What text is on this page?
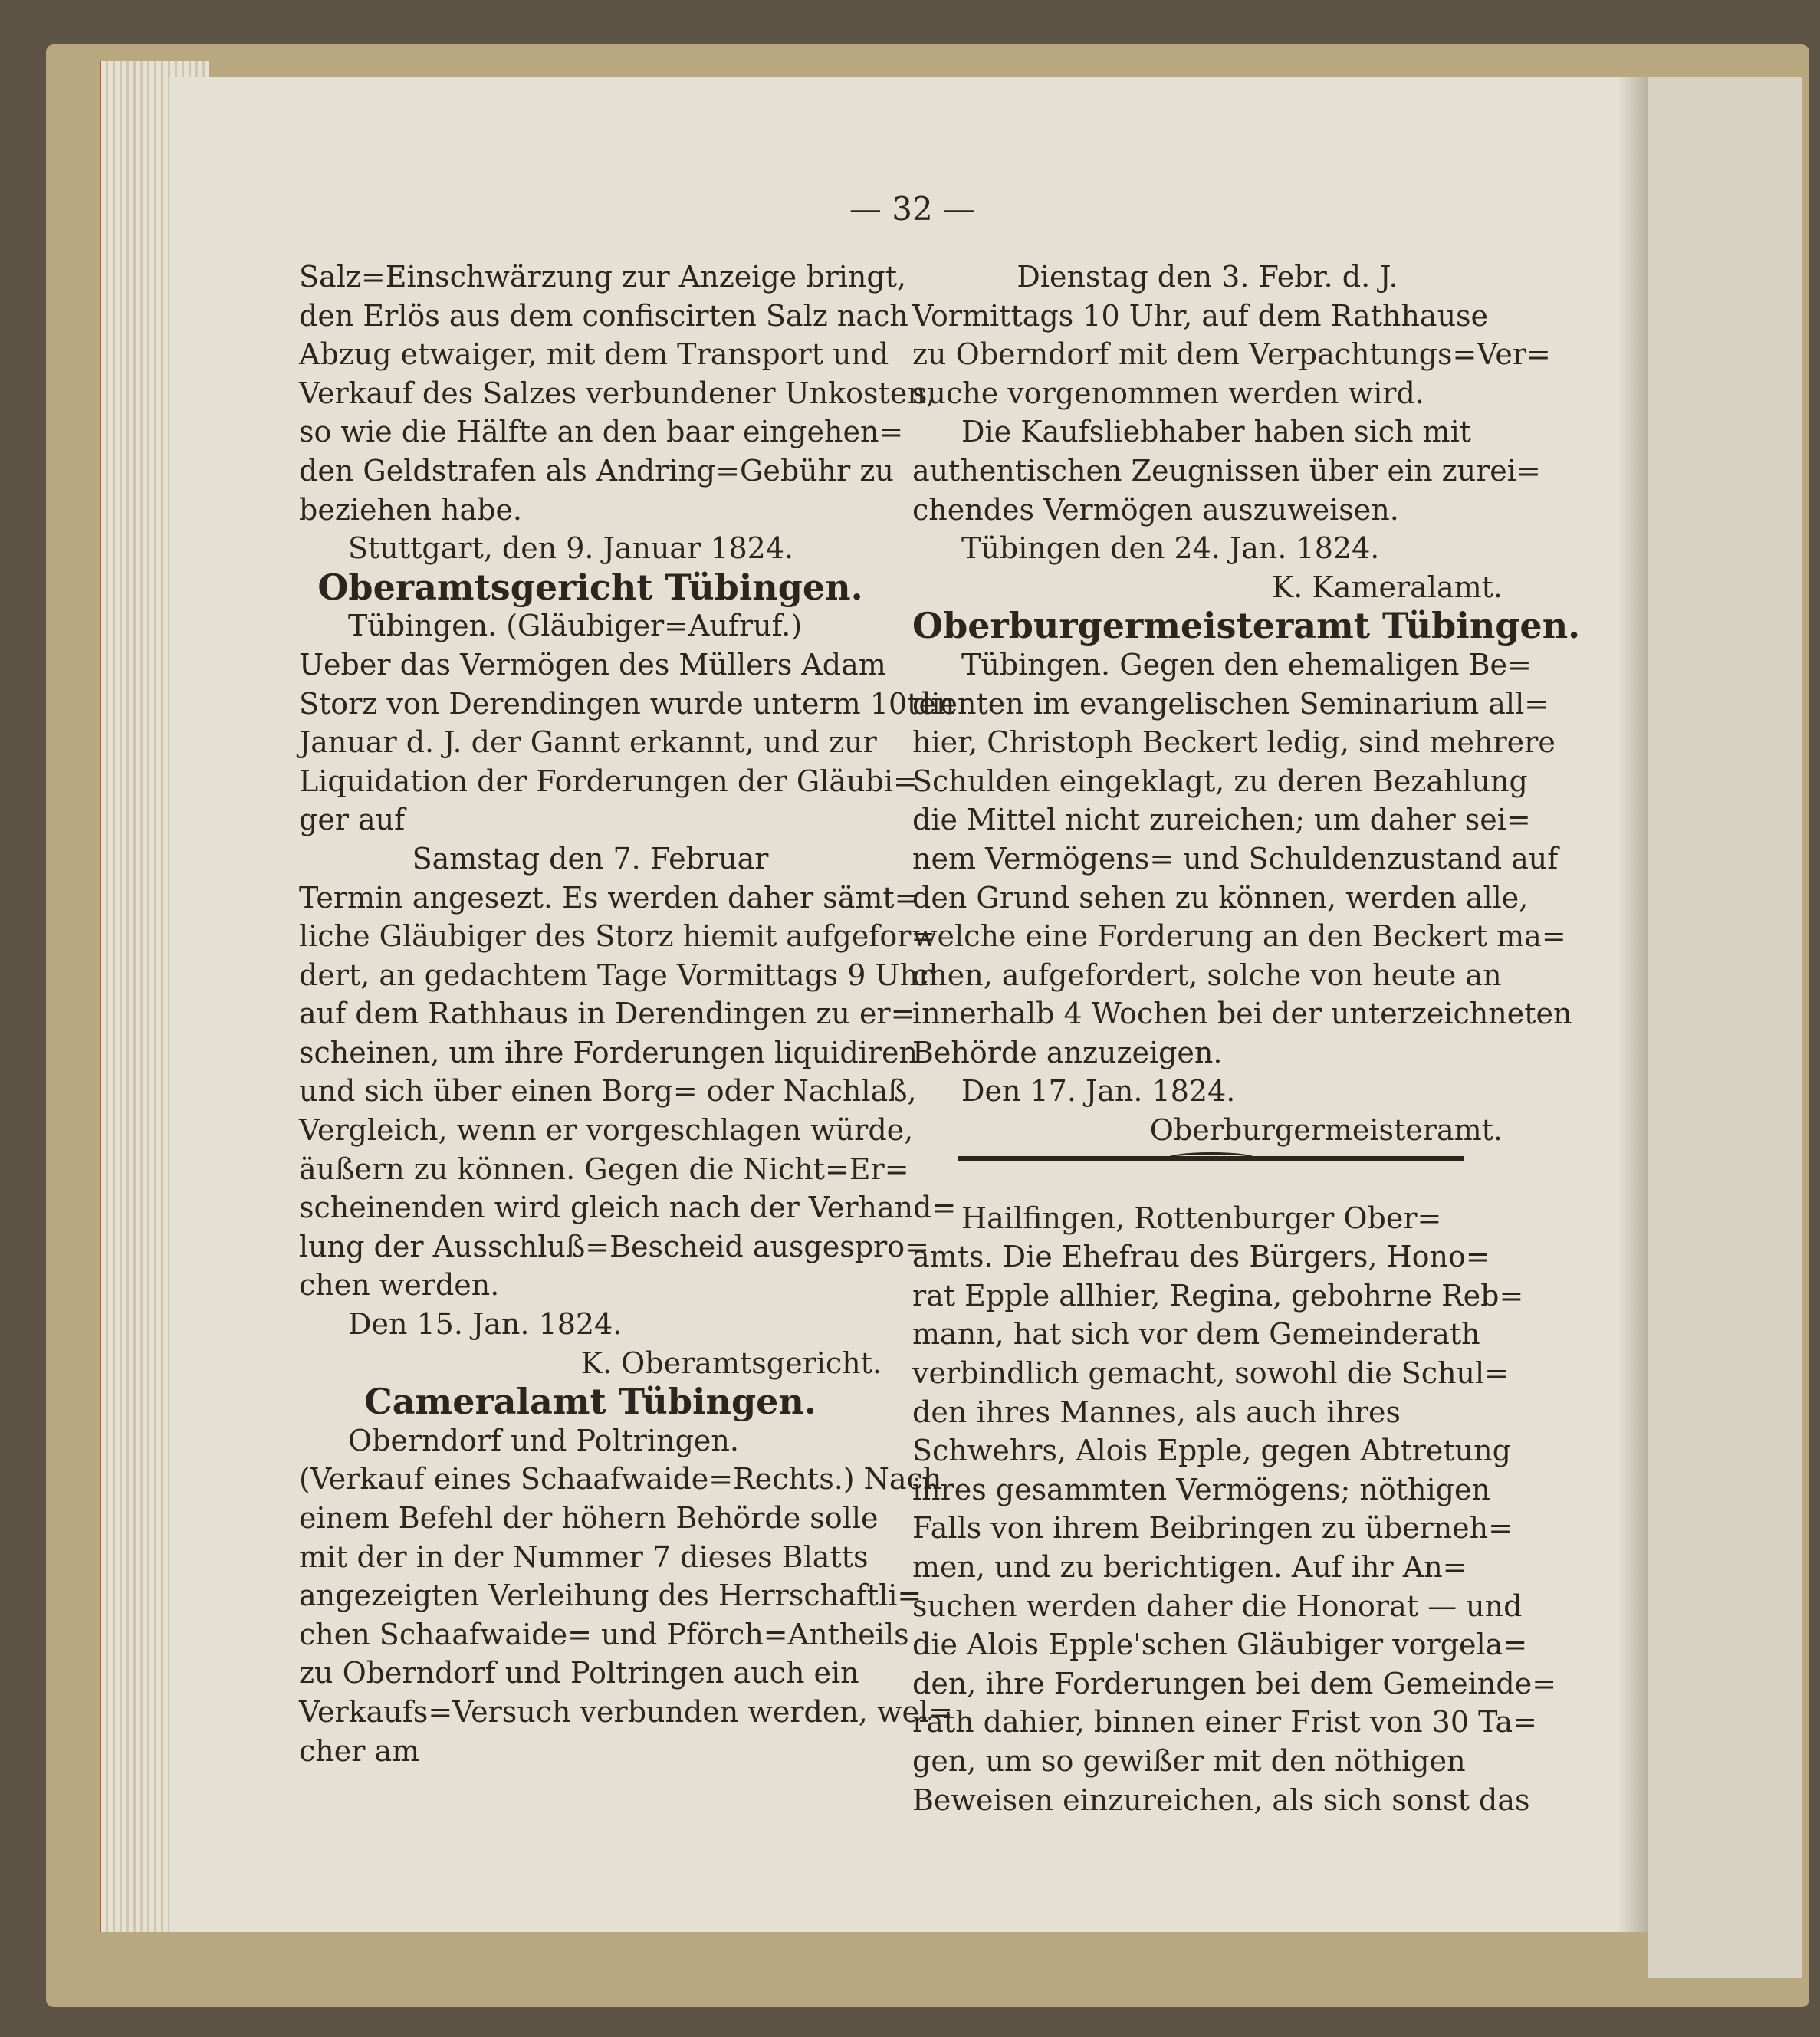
— 32 —
Salz=Einschwärzung zur Anzeige bringt,
den Erlös aus dem confiscirten Salz nach
Abzug etwaiger, mit dem Transport und
Verkauf des Salzes verbundener Unkosten,
so wie die Hälfte an den baar eingehen=
den Geldstrafen als Andring=Gebühr zu
beziehen habe.
Stuttgart, den 9. Januar 1824.
Oberamtsgericht Tübingen.
Tübingen. (Gläubiger=Aufruf.)
Ueber das Vermögen des Müllers Adam
Storz von Derendingen wurde unterm 10ten
Januar d. J. der Gannt erkannt, und zur
Liquidation der Forderungen der Gläubi=
ger auf
Samstag den 7. Februar
Termin angesezt. Es werden daher sämt=
liche Gläubiger des Storz hiemit aufgefor=
dert, an gedachtem Tage Vormittags 9 Uhr
auf dem Rathhaus in Derendingen zu er=
scheinen, um ihre Forderungen liquidiren
und sich über einen Borg= oder Nachlaß,
Vergleich, wenn er vorgeschlagen würde,
äußern zu können. Gegen die Nicht=Er=
scheinenden wird gleich nach der Verhand=
lung der Ausschluß=Bescheid ausgespro=
chen werden.
Den 15. Jan. 1824.
K. Oberamtsgericht.
Cameralamt Tübingen.
Oberndorf und Poltringen.
(Verkauf eines Schaafwaide=Rechts.) Nach
einem Befehl der höhern Behörde solle
mit der in der Nummer 7 dieses Blatts
angezeigten Verleihung des Herrschaftli=
chen Schaafwaide= und Pförch=Antheils
zu Oberndorf und Poltringen auch ein
Verkaufs=Versuch verbunden werden, wel=
cher am
Dienstag den 3. Febr. d. J.
Vormittags 10 Uhr, auf dem Rathhause
zu Oberndorf mit dem Verpachtungs=Ver=
suche vorgenommen werden wird.
Die Kaufsliebhaber haben sich mit
authentischen Zeugnissen über ein zurei=
chendes Vermögen auszuweisen.
Tübingen den 24. Jan. 1824.
K. Kameralamt.
Oberburgermeisteramt Tübingen.
Tübingen. Gegen den ehemaligen Be=
dienten im evangelischen Seminarium all=
hier, Christoph Beckert ledig, sind mehrere
Schulden eingeklagt, zu deren Bezahlung
die Mittel nicht zureichen; um daher sei=
nem Vermögens= und Schuldenzustand auf
den Grund sehen zu können, werden alle,
welche eine Forderung an den Beckert ma=
chen, aufgefordert, solche von heute an
innerhalb 4 Wochen bei der unterzeichneten
Behörde anzuzeigen.
Den 17. Jan. 1824.
Oberburgermeisteramt.
Hailfingen, Rottenburger Ober=
amts. Die Ehefrau des Bürgers, Hono=
rat Epple allhier, Regina, gebohrne Reb=
mann, hat sich vor dem Gemeinderath
verbindlich gemacht, sowohl die Schul=
den ihres Mannes, als auch ihres
Schwehrs, Alois Epple, gegen Abtretung
ihres gesammten Vermögens; nöthigen
Falls von ihrem Beibringen zu überneh=
men, und zu berichtigen. Auf ihr An=
suchen werden daher die Honorat — und
die Alois Epple'schen Gläubiger vorgela=
den, ihre Forderungen bei dem Gemeinde=
rath dahier, binnen einer Frist von 30 Ta=
gen, um so gewißer mit den nöthigen
Beweisen einzureichen, als sich sonst das
